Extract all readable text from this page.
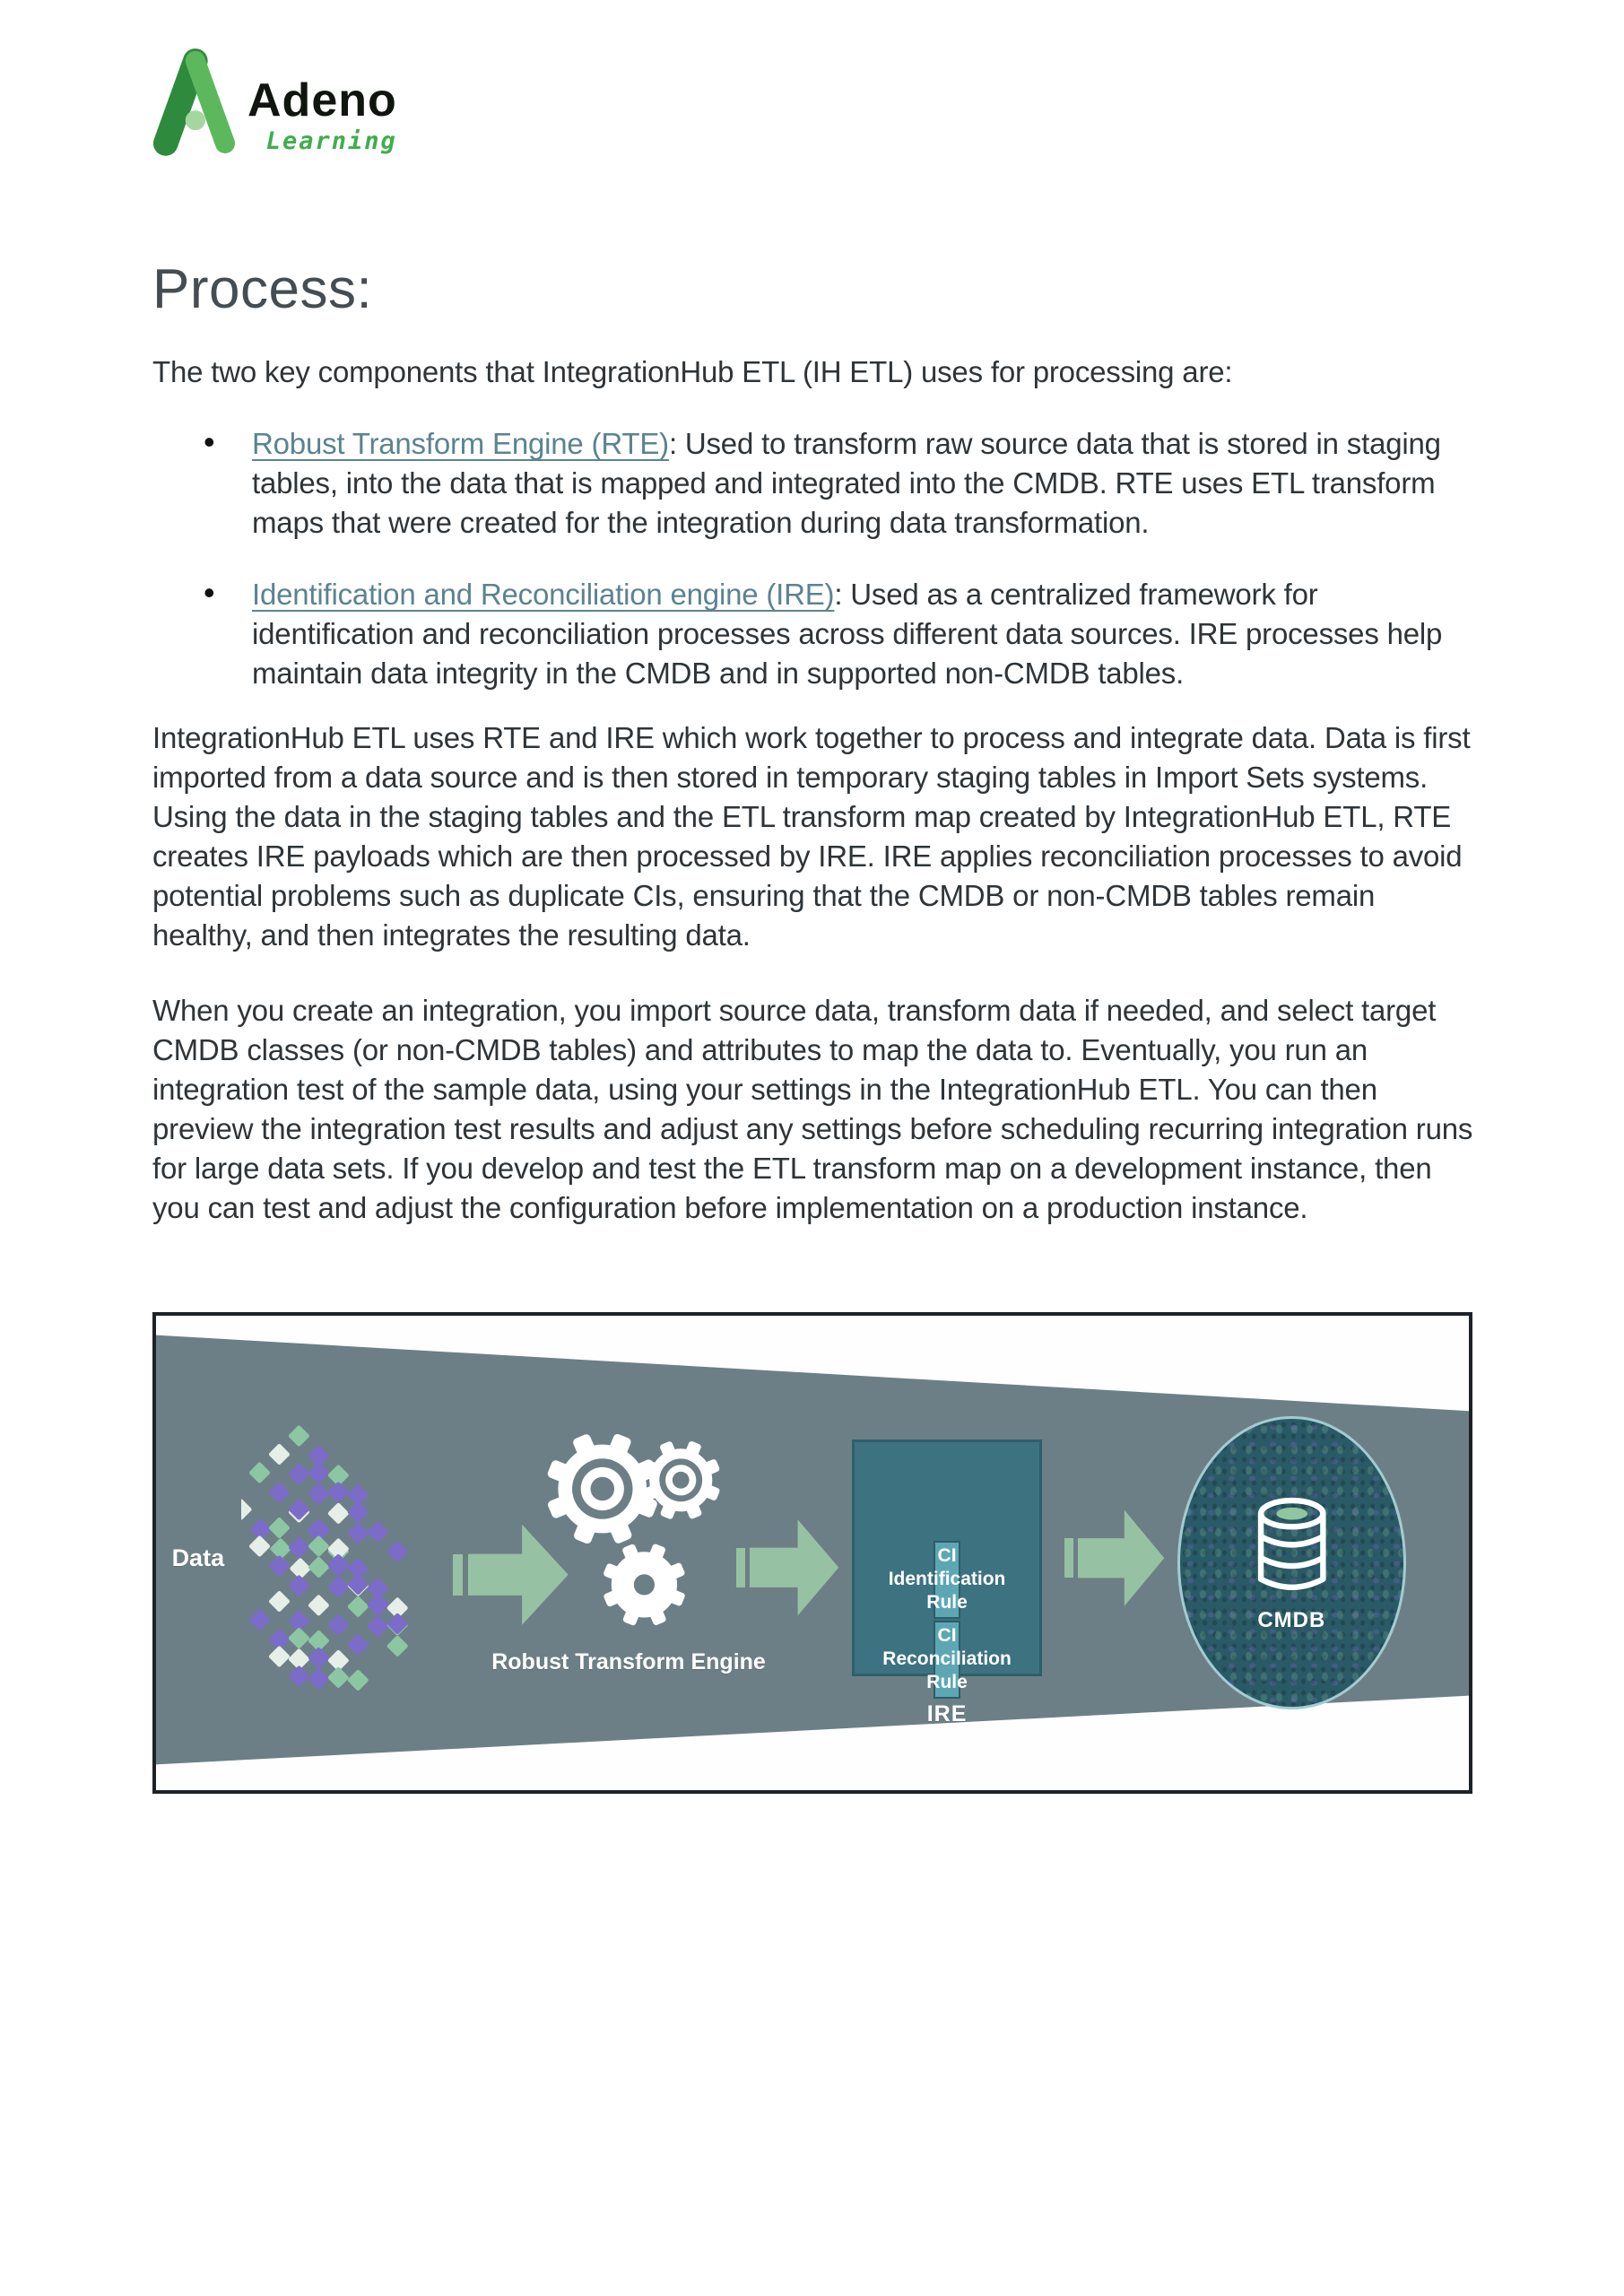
Adeno
Learning
Process:

The two key components that IntegrationHub ETL (IH ETL) uses for processing are:

• Robust Transform Engine (RTE): Used to transform raw source data that is stored in staging tables, into the data that is mapped and integrated into the CMDB. RTE uses ETL transform maps that were created for the integration during data transformation.
• Identification and Reconciliation engine (IRE): Used as a centralized framework for identification and reconciliation processes across different data sources. IRE processes help maintain data integrity in the CMDB and in supported non-CMDB tables.

IntegrationHub ETL uses RTE and IRE which work together to process and integrate data. Data is first imported from a data source and is then stored in temporary staging tables in Import Sets systems. Using the data in the staging tables and the ETL transform map created by IntegrationHub ETL, RTE creates IRE payloads which are then processed by IRE. IRE applies reconciliation processes to avoid potential problems such as duplicate CIs, ensuring that the CMDB or non-CMDB tables remain healthy, and then integrates the resulting data.

When you create an integration, you import source data, transform data if needed, and select target CMDB classes (or non-CMDB tables) and attributes to map the data to. Eventually, you run an integration test of the sample data, using your settings in the IntegrationHub ETL. You can then preview the integration test results and adjust any settings before scheduling recurring integration runs for large data sets. If you develop and test the ETL transform map on a development instance, then you can test and adjust the configuration before implementation on a production instance.

Data
Robust Transform Engine
CI Identification Rule
CI Reconciliation Rule
IRE
CMDB
